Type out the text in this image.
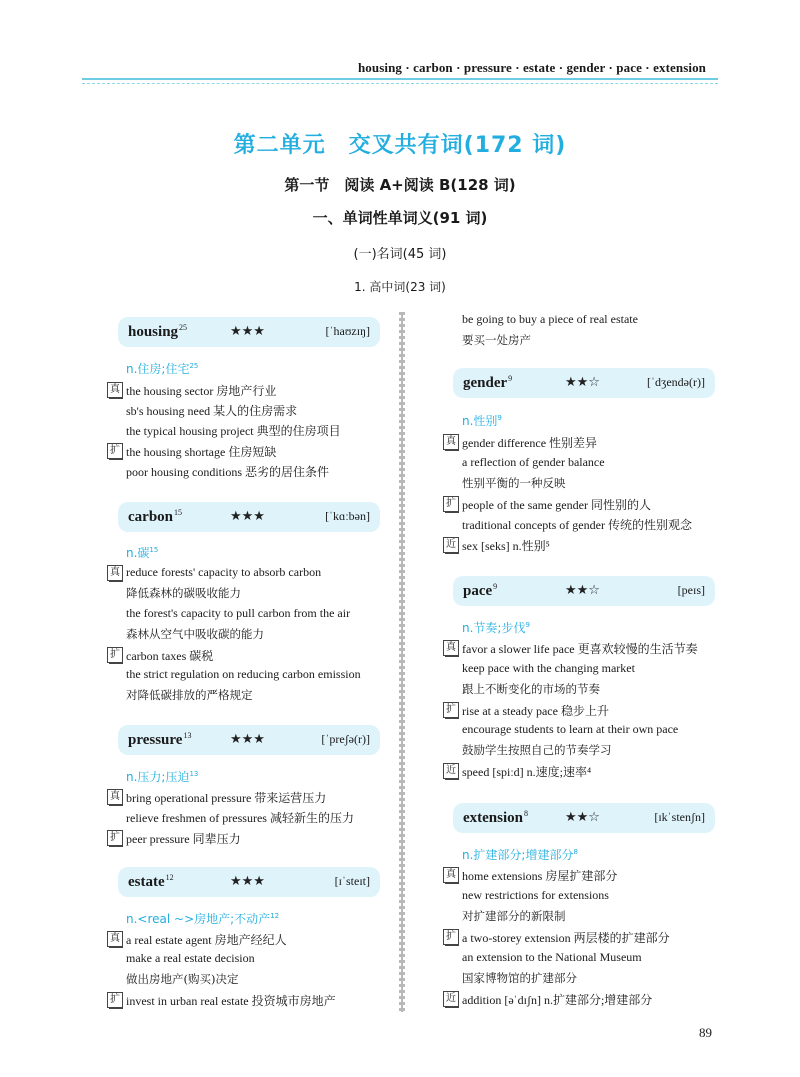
housing · carbon · pressure · estate · gender · pace · extension
第二单元　交叉共有词(172 词)
第一节　阅读 A+阅读 B(128 词)
一、单词性单词义(91 词)
(一)名词(45 词)
1. 高中词(23 词)
housing$^{25}$	★★★	[ˈhaʊzɪŋ]
n.住房;住宅$^{25}$
真 the housing sector 房地产行业
sb's housing need 某人的住房需求
the typical housing project 典型的住房项目
扩 the housing shortage 住房短缺
poor housing conditions 恶劣的居住条件
carbon$^{15}$	★★★	[ˈkɑːbən]
n.碳$^{15}$
真 reduce forests' capacity to absorb carbon
降低森林的碳吸收能力
the forest's capacity to pull carbon from the air
森林从空气中吸收碳的能力
扩 carbon taxes 碳税
the strict regulation on reducing carbon emission
对降低碳排放的严格规定
pressure$^{13}$	★★★	[ˈpreʃə(r)]
n.压力;压迫$^{13}$
真 bring operational pressure 带来运营压力
relieve freshmen of pressures 减轻新生的压力
扩 peer pressure 同辈压力
estate$^{12}$	★★★	[ɪˈsteɪt]
n.<real ~>房地产;不动产$^{12}$
真 a real estate agent 房地产经纪人
make a real estate decision
做出房地产(购买)决定
扩 invest in urban real estate 投资城市房地产
be going to buy a piece of real estate
要买一处房产
gender$^9$	★★☆	[ˈdʒendə(r)]
n.性别$^9$
真 gender difference 性别差异
a reflection of gender balance
性别平衡的一种反映
扩 people of the same gender 同性别的人
traditional concepts of gender 传统的性别观念
近 sex [seks] n.性别⁵
pace$^9$	★★☆	[peɪs]
n.节奏;步伐$^9$
真 favor a slower life pace 更喜欢较慢的生活节奏
keep pace with the changing market
跟上不断变化的市场的节奏
扩 rise at a steady pace 稳步上升
encourage students to learn at their own pace
鼓励学生按照自己的节奏学习
近 speed [spiːd] n.速度;速率⁴
extension$^8$	★★☆	[ɪkˈstenʃn]
n.扩建部分;增建部分$^8$
真 home extensions 房屋扩建部分
new restrictions for extensions
对扩建部分的新限制
扩 a two-storey extension 两层楼的扩建部分
an extension to the National Museum
国家博物馆的扩建部分
近 addition [əˈdɪʃn] n.扩建部分;增建部分
89
